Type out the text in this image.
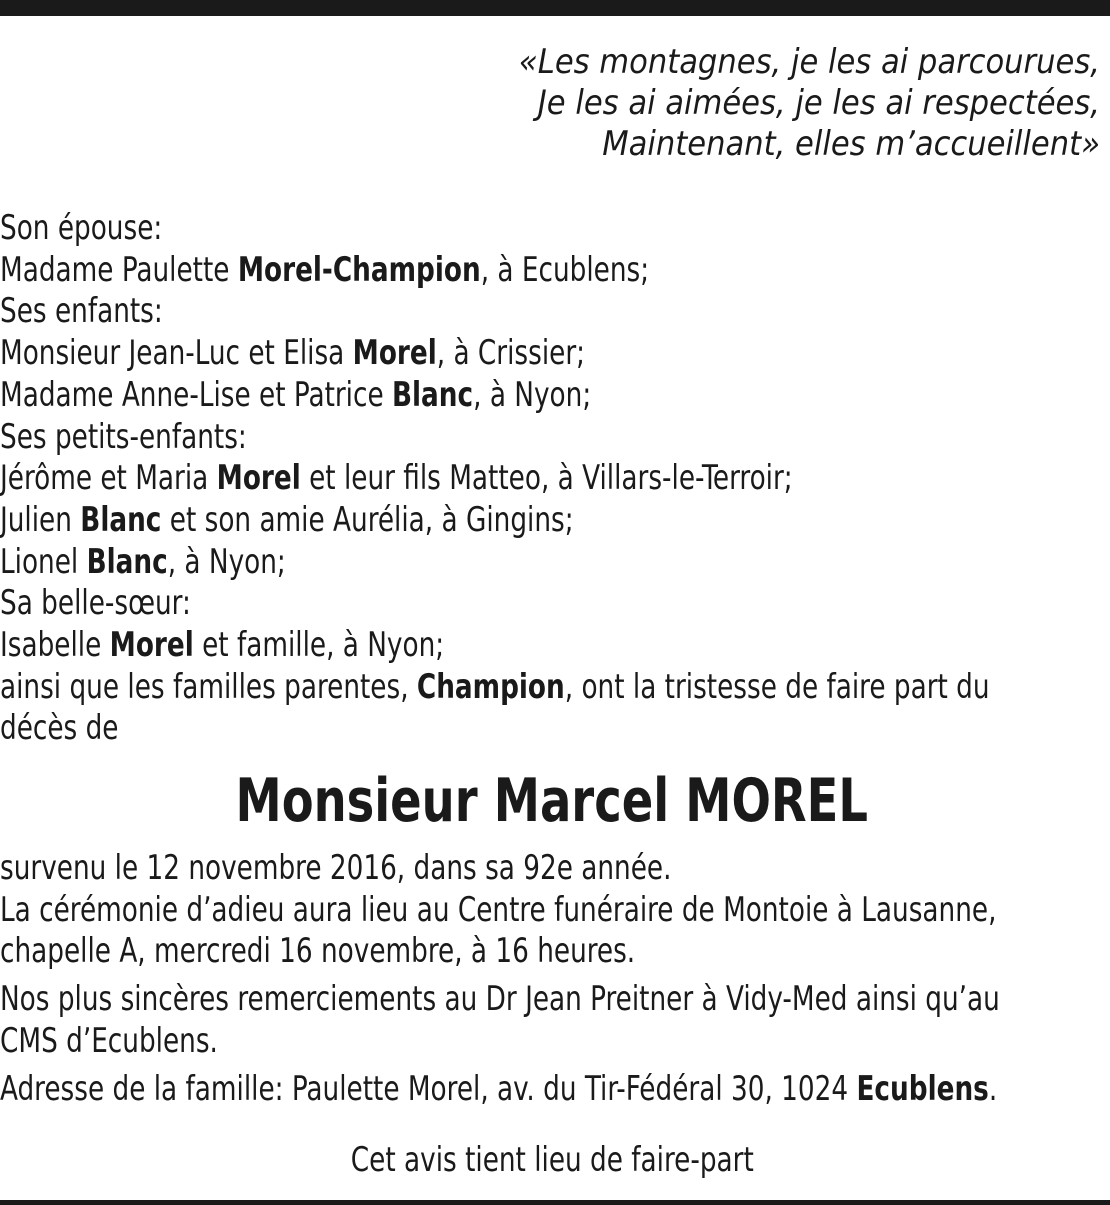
«Les montagnes, je les ai parcourues,
Je les ai aimées, je les ai respectées,
Maintenant, elles m’accueillent»
Son épouse:
Madame Paulette Morel-Champion, à Ecublens;
Ses enfants:
Monsieur Jean-Luc et Elisa Morel, à Crissier;
Madame Anne-Lise et Patrice Blanc, à Nyon;
Ses petits-enfants:
Jérôme et Maria Morel et leur fils Matteo, à Villars-le-Terroir;
Julien Blanc et son amie Aurélia, à Gingins;
Lionel Blanc, à Nyon;
Sa belle-sœur:
Isabelle Morel et famille, à Nyon;
ainsi que les familles parentes, Champion, ont la tristesse de faire part du
décès de
Monsieur Marcel MOREL
survenu le 12 novembre 2016, dans sa 92e année.
La cérémonie d’adieu aura lieu au Centre funéraire de Montoie à Lausanne,
chapelle A, mercredi 16 novembre, à 16 heures.
Nos plus sincères remerciements au Dr Jean Preitner à Vidy-Med ainsi qu’au
CMS d’Ecublens.
Adresse de la famille: Paulette Morel, av. du Tir-Fédéral 30, 1024 Ecublens.
Cet avis tient lieu de faire-part
